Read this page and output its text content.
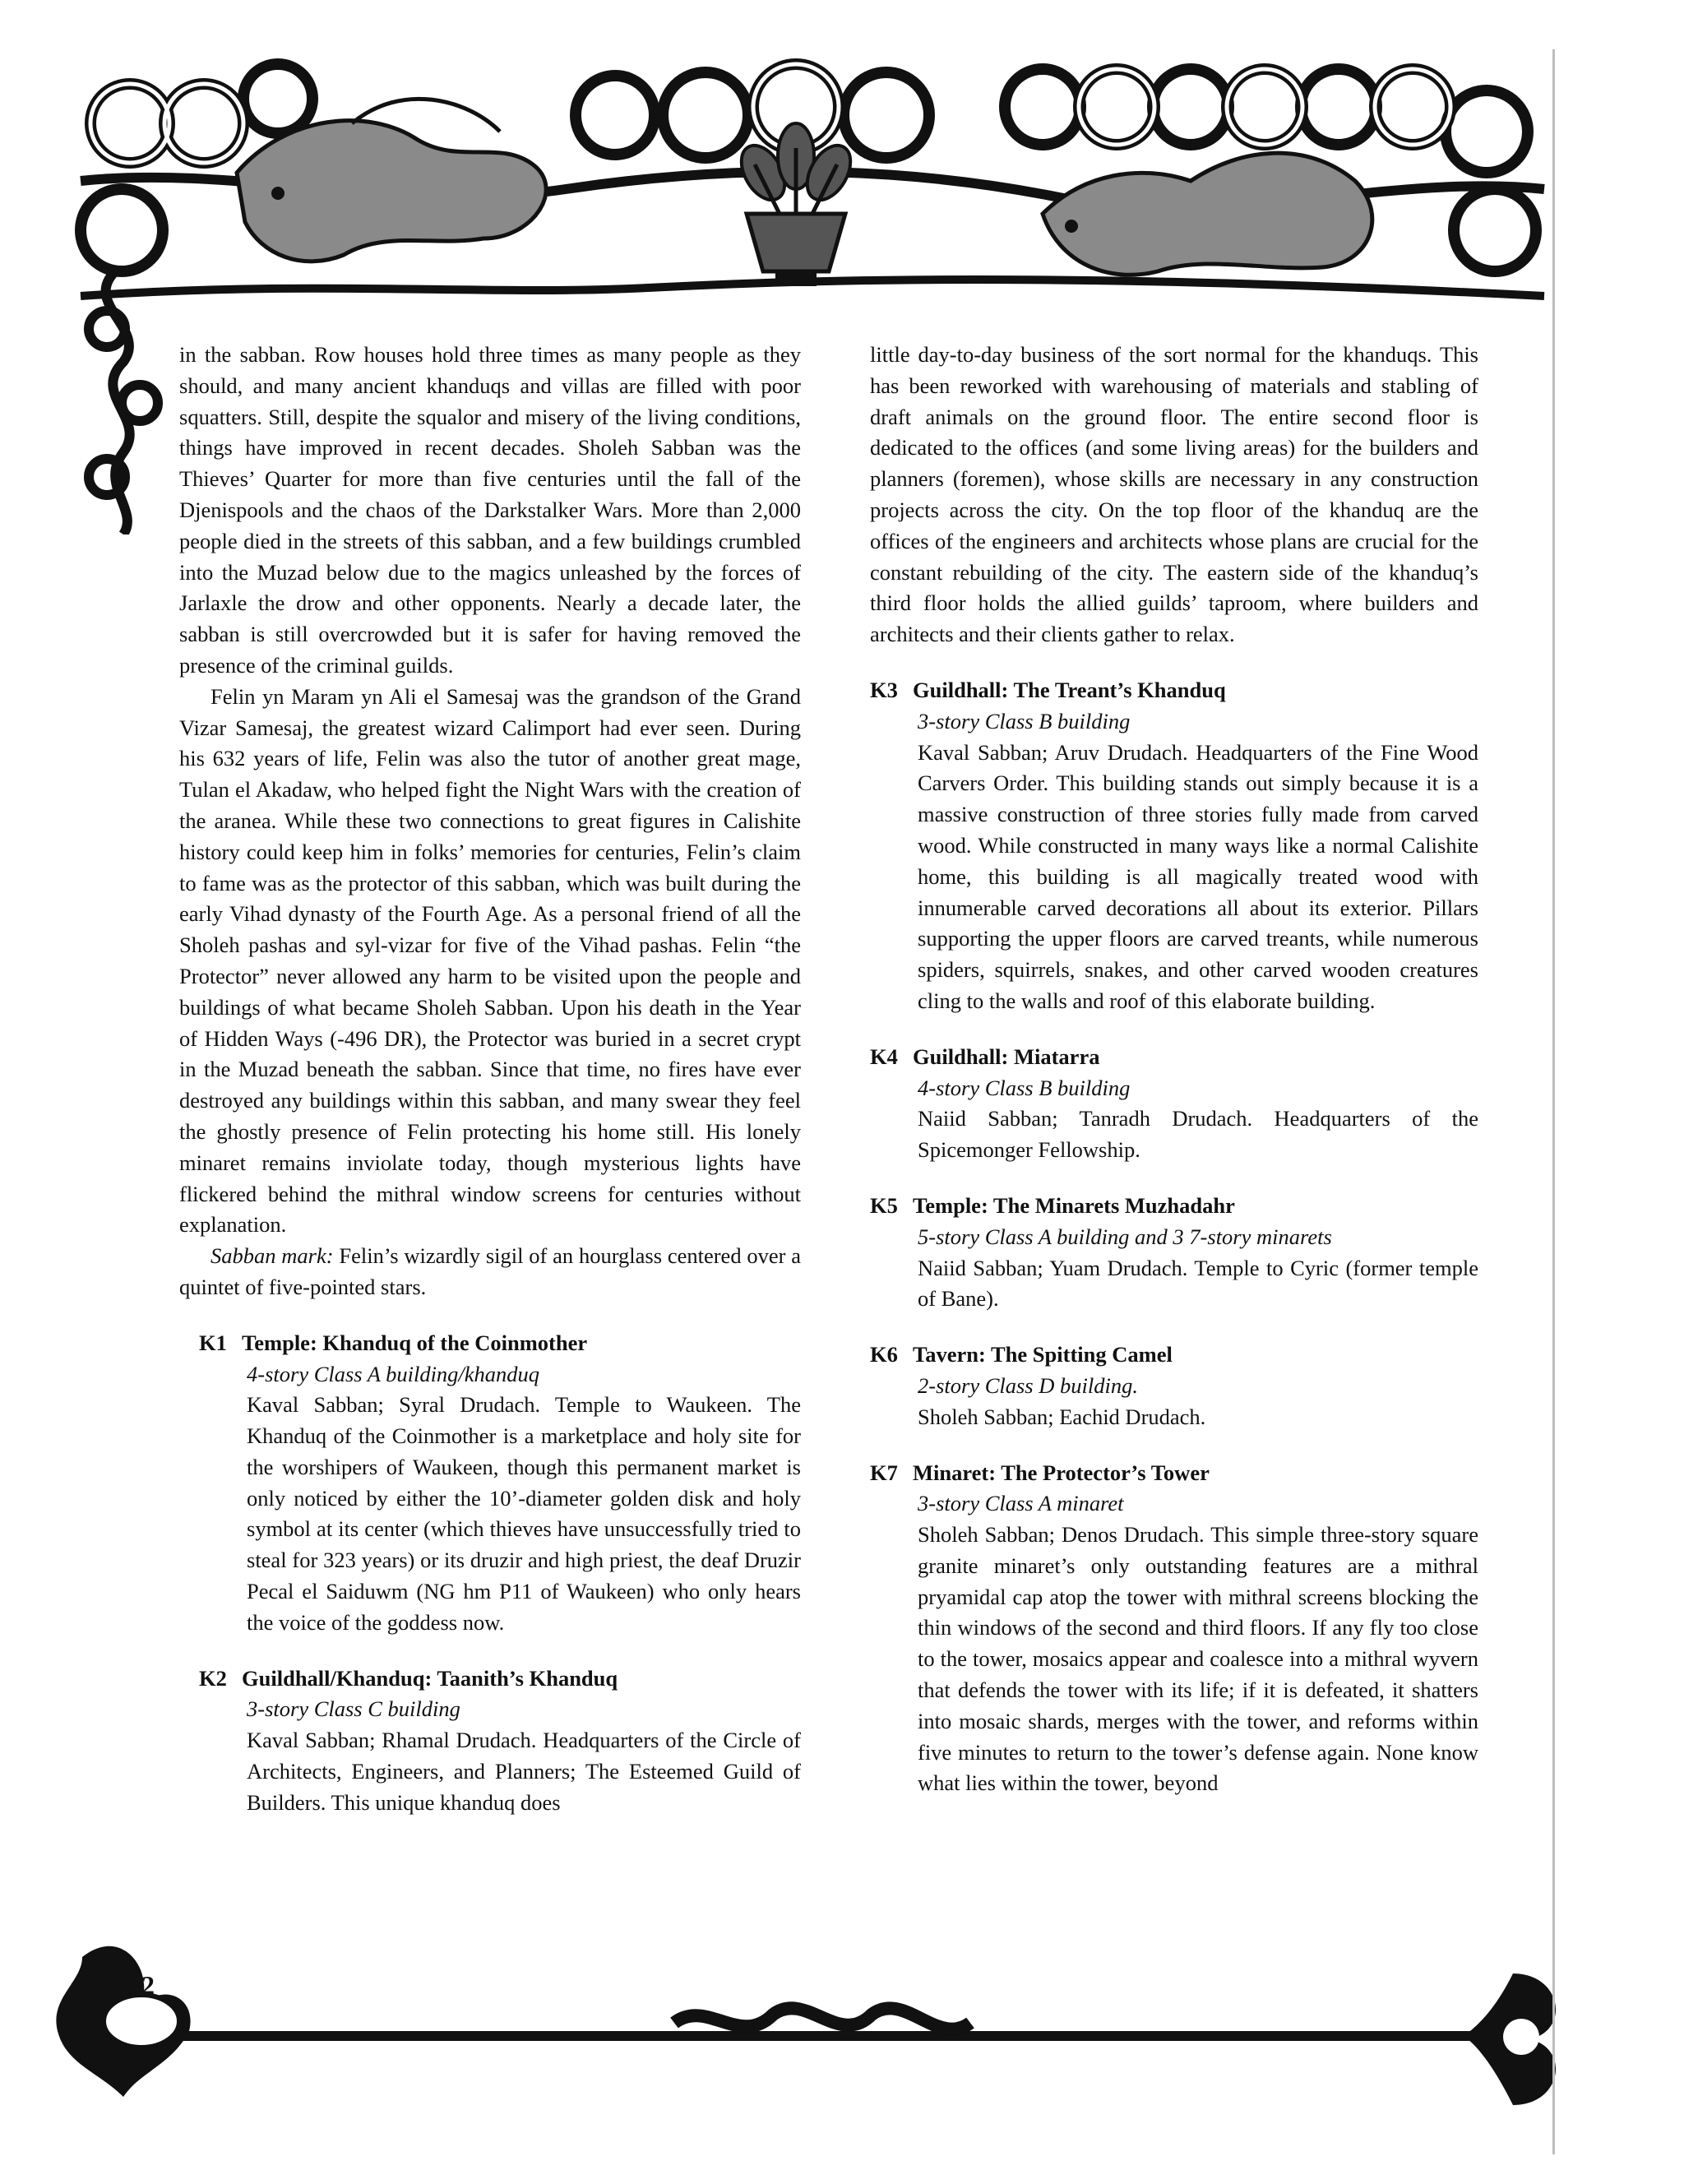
42

in the sabban. Row houses hold three times as many people as they should, and many ancient khanduqs and villas are filled with poor squatters. Still, despite the squalor and misery of the living conditions, things have improved in recent decades. Sholeh Sabban was the Thieves’ Quarter for more than five centuries until the fall of the Djenispools and the chaos of the Darkstalker Wars. More than 2,000 people died in the streets of this sabban, and a few buildings crumbled into the Muzad below due to the magics unleashed by the forces of Jarlaxle the drow and other opponents. Nearly a decade later, the sabban is still overcrowded but it is safer for having removed the presence of the criminal guilds.

Felin yn Maram yn Ali el Samesaj was the grandson of the Grand Vizar Samesaj, the greatest wizard Calimport had ever seen. During his 632 years of life, Felin was also the tutor of another great mage, Tulan el Akadaw, who helped fight the Night Wars with the creation of the aranea. While these two connections to great figures in Calishite history could keep him in folks’ memories for centuries, Felin’s claim to fame was as the protector of this sabban, which was built during the early Vihad dynasty of the Fourth Age. As a personal friend of all the Sholeh pashas and syl-vizar for five of the Vihad pashas. Felin “the Protector” never allowed any harm to be visited upon the people and buildings of what became Sholeh Sabban. Upon his death in the Year of Hidden Ways (-496 DR), the Protector was buried in a secret crypt in the Muzad beneath the sabban. Since that time, no fires have ever destroyed any buildings within this sabban, and many swear they feel the ghostly presence of Felin protecting his home still. His lonely minaret remains inviolate today, though mysterious lights have flickered behind the mithral window screens for centuries without explanation.

Sabban mark: Felin’s wizardly sigil of an hourglass centered over a quintet of five-pointed stars.

K1 Temple: Khanduq of the Coinmother

4-story Class A building/khanduq

Kaval Sabban; Syral Drudach. Temple to Waukeen. The Khanduq of the Coinmother is a marketplace and holy site for the worshipers of Waukeen, though this permanent market is only noticed by either the 10’-diameter golden disk and holy symbol at its center (which thieves have unsuccessfully tried to steal for 323 years) or its druzir and high priest, the deaf Druzir Pecal el Saiduwm (NG hm P11 of Waukeen) who only hears the voice of the goddess now.

K2 Guildhall/Khanduq: Taanith’s Khanduq

3-story Class C building

Kaval Sabban; Rhamal Drudach. Headquarters of the Circle of Architects, Engineers, and Planners; The Esteemed Guild of Builders. This unique khanduq does

little day-to-day business of the sort normal for the khanduqs. This has been reworked with warehousing of materials and stabling of draft animals on the ground floor. The entire second floor is dedicated to the offices (and some living areas) for the builders and planners (foremen), whose skills are necessary in any construction projects across the city. On the top floor of the khanduq are the offices of the engineers and architects whose plans are crucial for the constant rebuilding of the city. The eastern side of the khanduq’s third floor holds the allied guilds’ taproom, where builders and architects and their clients gather to relax.

K3 Guildhall: The Treant’s Khanduq

3-story Class B building

Kaval Sabban; Aruv Drudach. Headquarters of the Fine Wood Carvers Order. This building stands out simply because it is a massive construction of three stories fully made from carved wood. While constructed in many ways like a normal Calishite home, this building is all magically treated wood with innumerable carved decorations all about its exterior. Pillars supporting the upper floors are carved treants, while numerous spiders, squirrels, snakes, and other carved wooden creatures cling to the walls and roof of this elaborate building.

K4 Guildhall: Miatarra

4-story Class B building

Naiid Sabban; Tanradh Drudach. Headquarters of the Spicemonger Fellowship.

K5 Temple: The Minarets Muzhadahr

5-story Class A building and 3 7-story minarets

Naiid Sabban; Yuam Drudach. Temple to Cyric (former temple of Bane).

K6 Tavern: The Spitting Camel

2-story Class D building.

Sholeh Sabban; Eachid Drudach.

K7 Minaret: The Protector’s Tower

3-story Class A minaret

Sholeh Sabban; Denos Drudach. This simple three-story square granite minaret’s only outstanding features are a mithral pryamidal cap atop the tower with mithral screens blocking the thin windows of the second and third floors. If any fly too close to the tower, mosaics appear and coalesce into a mithral wyvern that defends the tower with its life; if it is defeated, it shatters into mosaic shards, merges with the tower, and reforms within five minutes to return to the tower’s defense again. None know what lies within the tower, beyond
